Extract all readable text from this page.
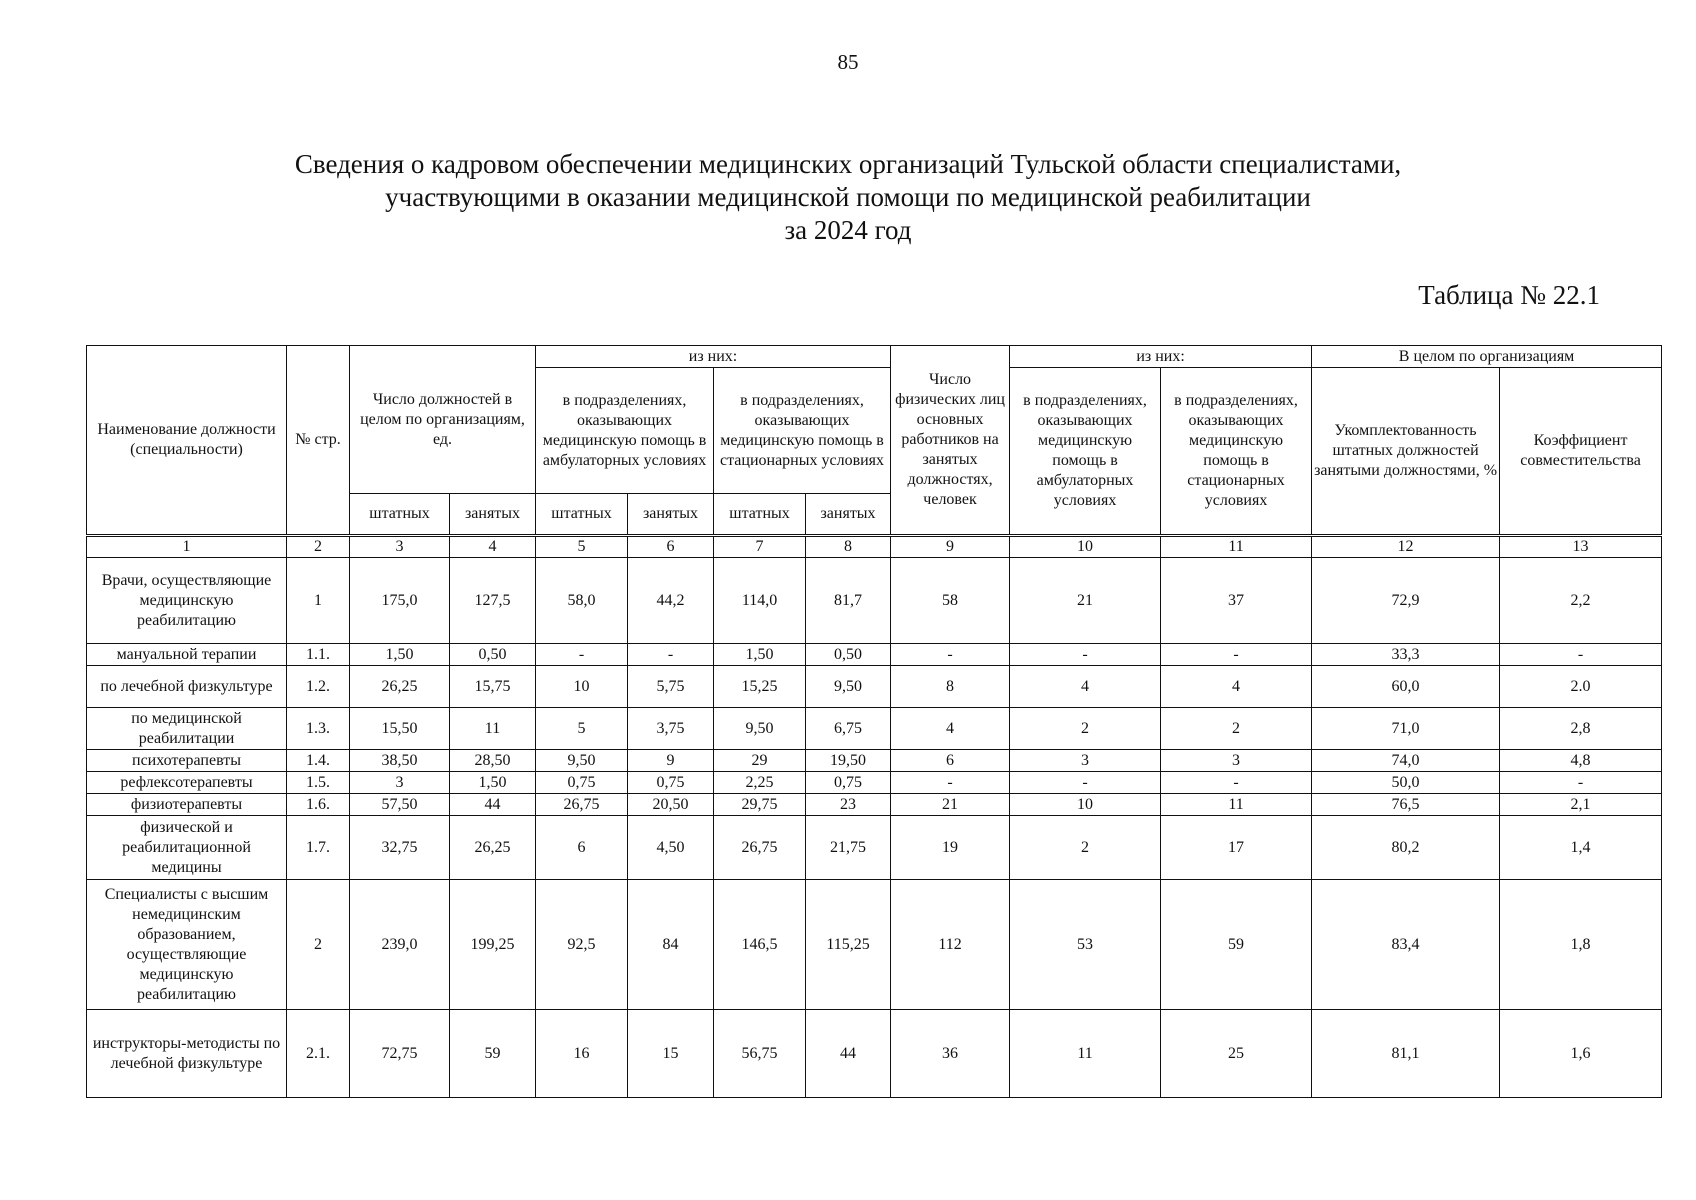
85
Сведения о кадровом обеспечении медицинских организаций Тульской области специалистами,
участвующими в оказании медицинской помощи по медицинской реабилитации
за 2024 год
Таблица № 22.1
Наименование должности (специальности)	№ стр.	Число должностей в целом по организациям, ед.		из них:				Число физических лиц основных работников на занятых должностях, человек	из них:		В целом по организациям	
				в подразделениях, оказывающих медицинскую помощь в амбулаторных условиях		в подразделениях, оказывающих медицинскую помощь в стационарных условиях			в подразделениях, оказывающих медицинскую помощь в амбулаторных условиях	в подразделениях, оказывающих медицинскую помощь в стационарных условиях	Укомплектованность штатных должностей занятыми должностями, %	Коэффициент совместительства
		штатных	занятых	штатных	занятых	штатных	занятых					
1	2	3	4	5	6	7	8	9	10	11	12	13
Врачи, осуществляющие медицинскую реабилитацию	1	175,0	127,5	58,0	44,2	114,0	81,7	58	21	37	72,9	2,2
мануальной терапии	1.1.	1,50	0,50	-	-	1,50	0,50	-	-	-	33,3	-
по лечебной физкультуре	1.2.	26,25	15,75	10	5,75	15,25	9,50	8	4	4	60,0	2.0
по медицинской реабилитации	1.3.	15,50	11	5	3,75	9,50	6,75	4	2	2	71,0	2,8
психотерапевты	1.4.	38,50	28,50	9,50	9	29	19,50	6	3	3	74,0	4,8
рефлексотерапевты	1.5.	3	1,50	0,75	0,75	2,25	0,75	-	-	-	50,0	-
физиотерапевты	1.6.	57,50	44	26,75	20,50	29,75	23	21	10	11	76,5	2,1
физической и реабилитационной медицины	1.7.	32,75	26,25	6	4,50	26,75	21,75	19	2	17	80,2	1,4
Специалисты с высшим немедицинским образованием, осуществляющие медицинскую реабилитацию	2	239,0	199,25	92,5	84	146,5	115,25	112	53	59	83,4	1,8
инструкторы-методисты по лечебной физкультуре	2.1.	72,75	59	16	15	56,75	44	36	11	25	81,1	1,6
